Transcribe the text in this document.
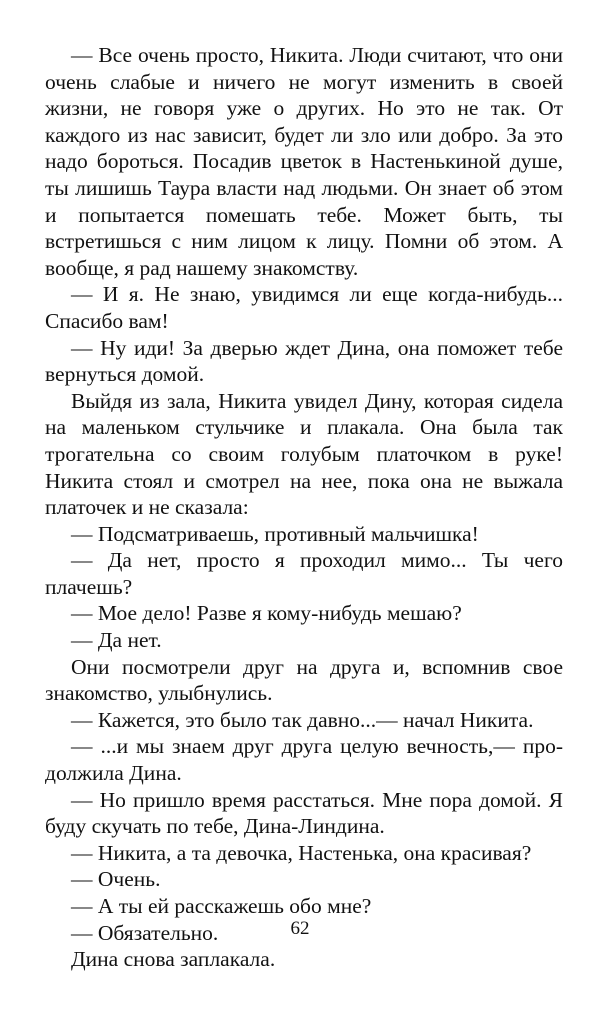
— Все очень просто, Никита. Люди считают, что они очень слабые и ничего не могут изменить в своей жизни, не говоря уже о других. Но это не так. От каждого из нас зависит, будет ли зло или добро. За это надо бороться. Посадив цветок в Настенькиной душе, ты лишишь Таура власти над людьми. Он знает об этом и попытается помешать тебе. Может быть, ты встретишься с ним лицом к лицу. Помни об этом. А вообще, я рад нашему знакомству.

— И я. Не знаю, увидимся ли еще когда-нибудь... Спасибо вам!

— Ну иди! За дверью ждет Дина, она поможет тебе вернуться домой.

Выйдя из зала, Никита увидел Дину, которая сидела на маленьком стульчике и плакала. Она была так трогательна со своим голубым платочком в руке! Никита стоял и смотрел на нее, пока она не выжала платочек и не сказала:

— Подсматриваешь, противный мальчишка!

— Да нет, просто я проходил мимо... Ты чего плачешь?

— Мое дело! Разве я кому-нибудь мешаю?

— Да нет.

Они посмотрели друг на друга и, вспомнив свое знакомство, улыбнулись.

— Кажется, это было так давно...— начал Никита.

— ...и мы знаем друг друга целую вечность,— продолжила Дина.

— Но пришло время расстаться. Мне пора домой. Я буду скучать по тебе, Дина-Линдина.

— Никита, а та девочка, Настенька, она красивая?

— Очень.

— А ты ей расскажешь обо мне?

— Обязательно.

Дина снова заплакала.

62
